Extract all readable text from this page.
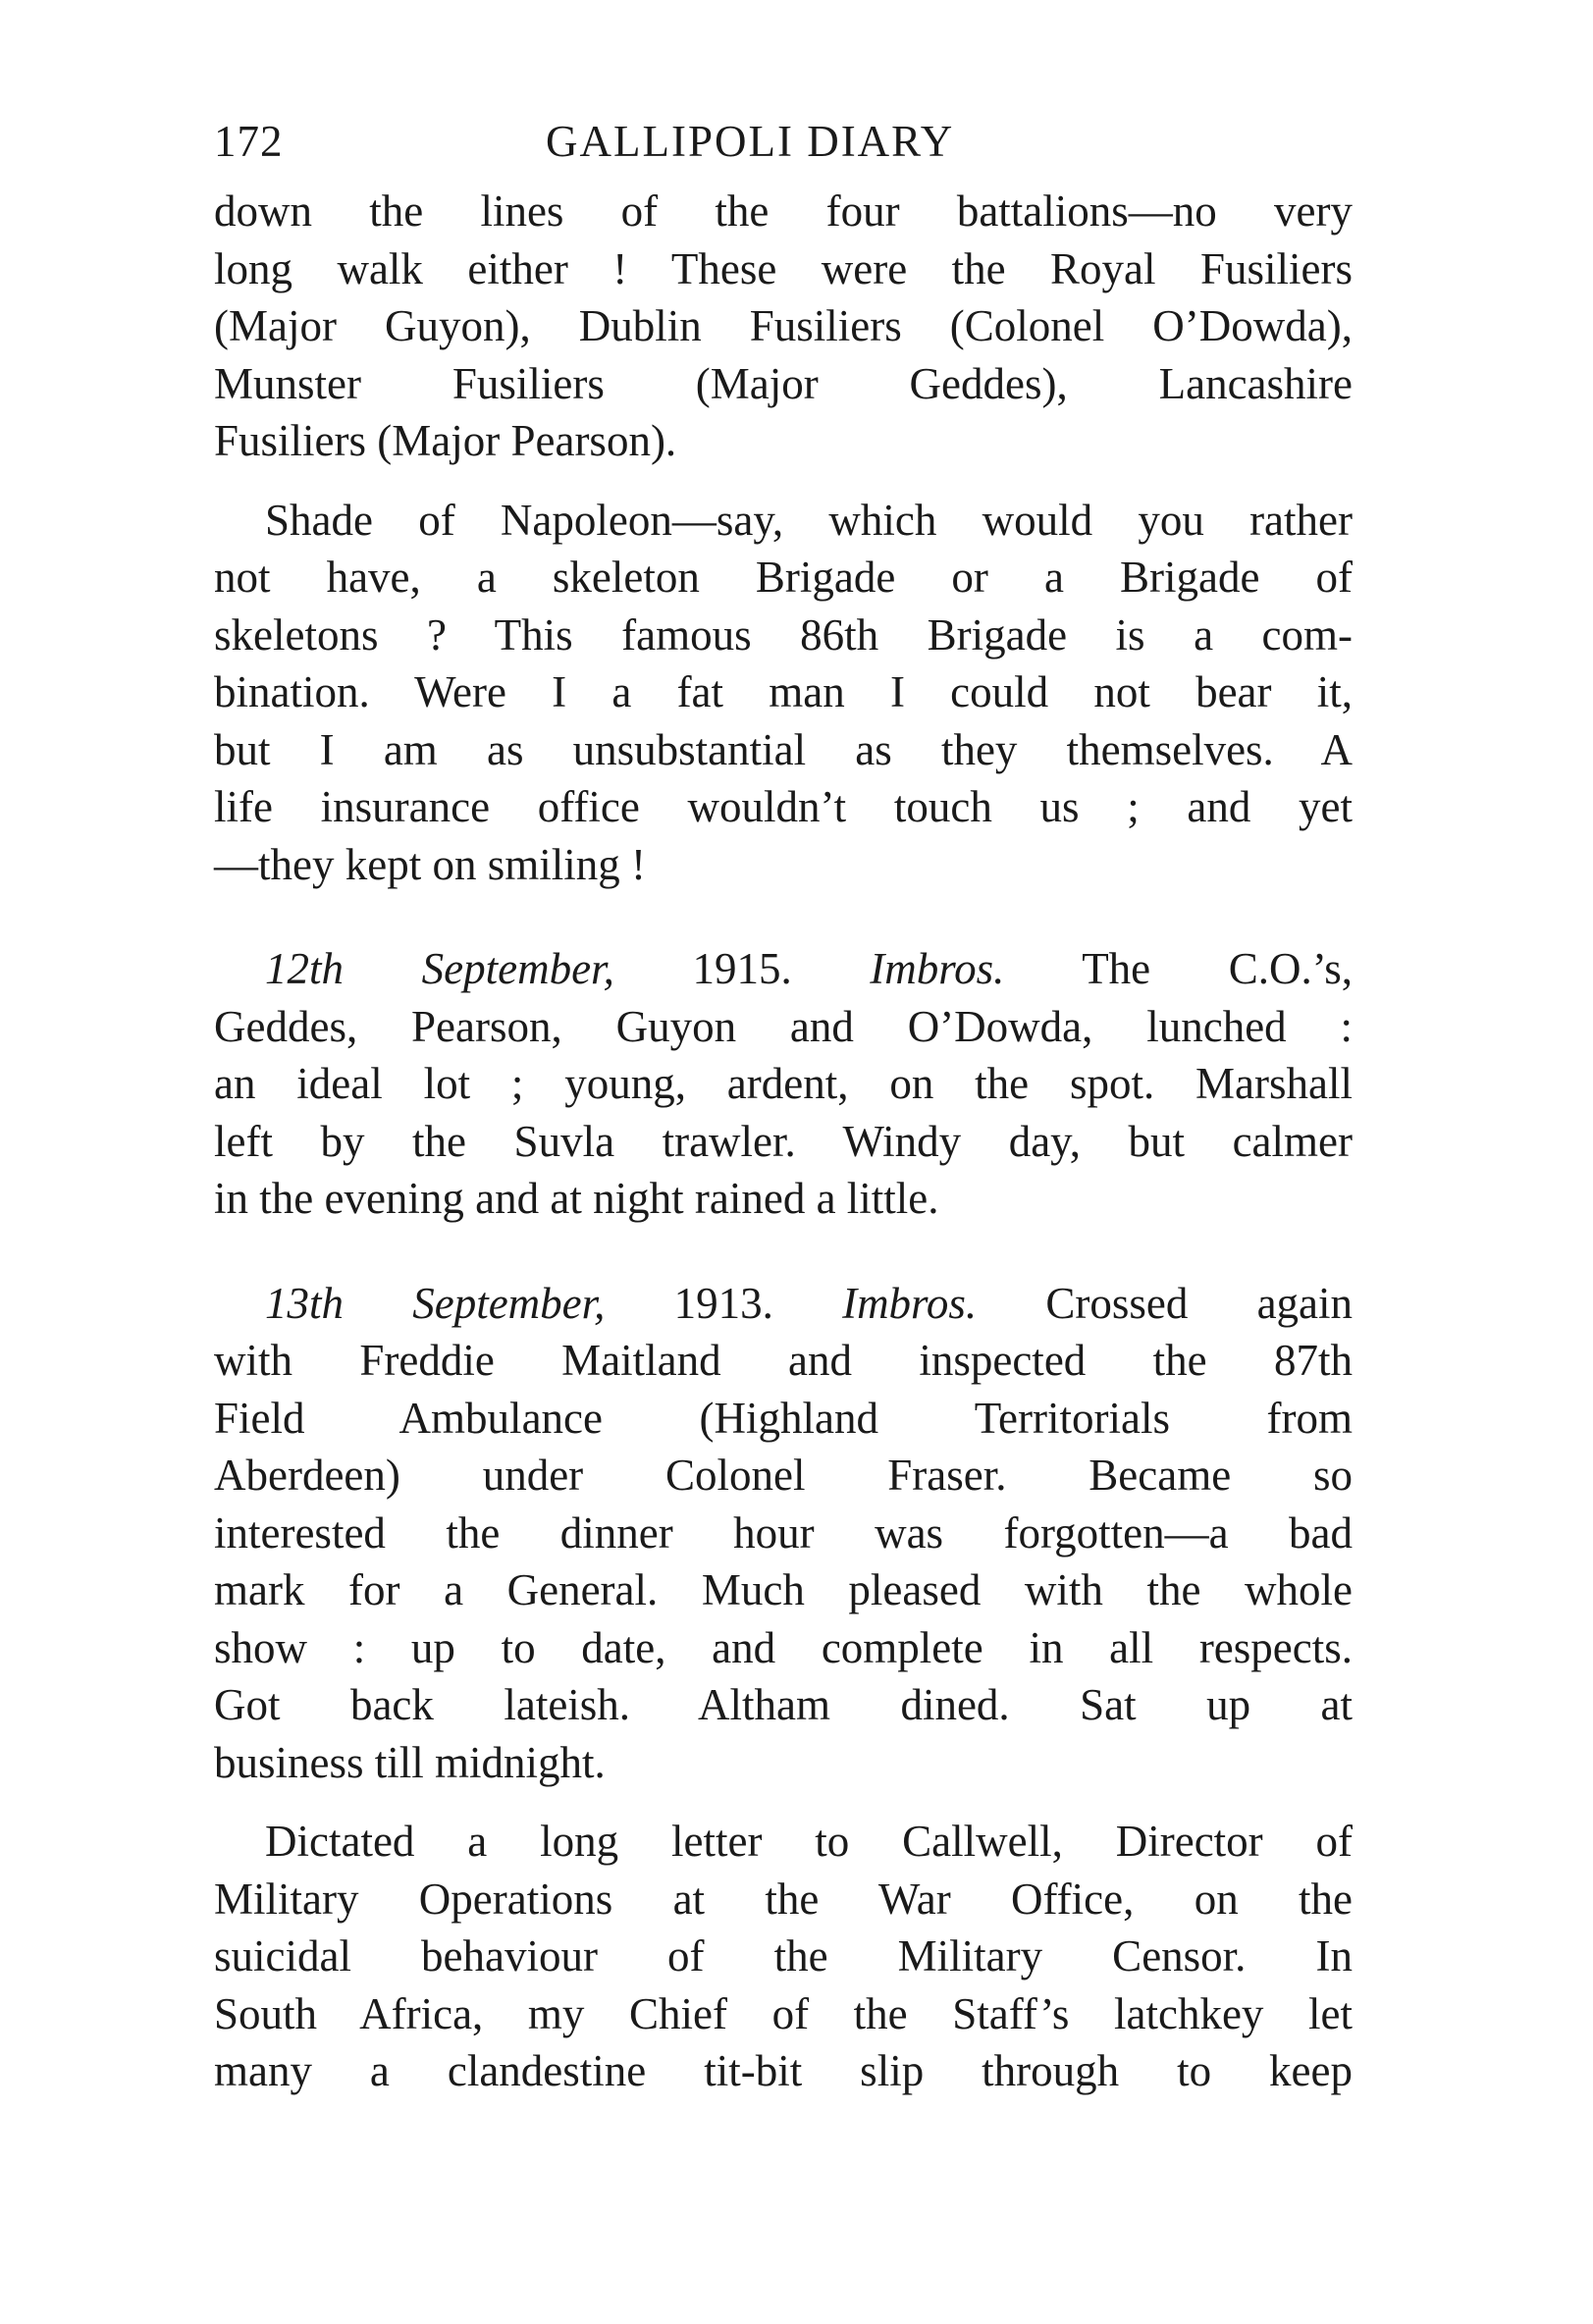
172	GALLIPOLI DIARY

down the lines of the four battalions—no very
long walk either ! These were the Royal Fusiliers
(Major Guyon), Dublin Fusiliers (Colonel O’Dowda),
Munster Fusiliers (Major Geddes), Lancashire
Fusiliers (Major Pearson).

Shade of Napoleon—say, which would you rather
not have, a skeleton Brigade or a Brigade of
skeletons ? This famous 86th Brigade is a com-
bination. Were I a fat man I could not bear it,
but I am as unsubstantial as they themselves. A
life insurance office wouldn’t touch us ; and yet
—they kept on smiling !

12th September, 1915. Imbros. The C.O.’s,
Geddes, Pearson, Guyon and O’Dowda, lunched :
an ideal lot ; young, ardent, on the spot. Marshall
left by the Suvla trawler. Windy day, but calmer
in the evening and at night rained a little.

13th September, 1913. Imbros. Crossed again
with Freddie Maitland and inspected the 87th
Field Ambulance (Highland Territorials from
Aberdeen) under Colonel Fraser. Became so
interested the dinner hour was forgotten—a bad
mark for a General. Much pleased with the whole
show : up to date, and complete in all respects.
Got back lateish. Altham dined. Sat up at
business till midnight.

Dictated a long letter to Callwell, Director of
Military Operations at the War Office, on the
suicidal behaviour of the Military Censor. In
South Africa, my Chief of the Staff’s latchkey let
many a clandestine tit-bit slip through to keep
